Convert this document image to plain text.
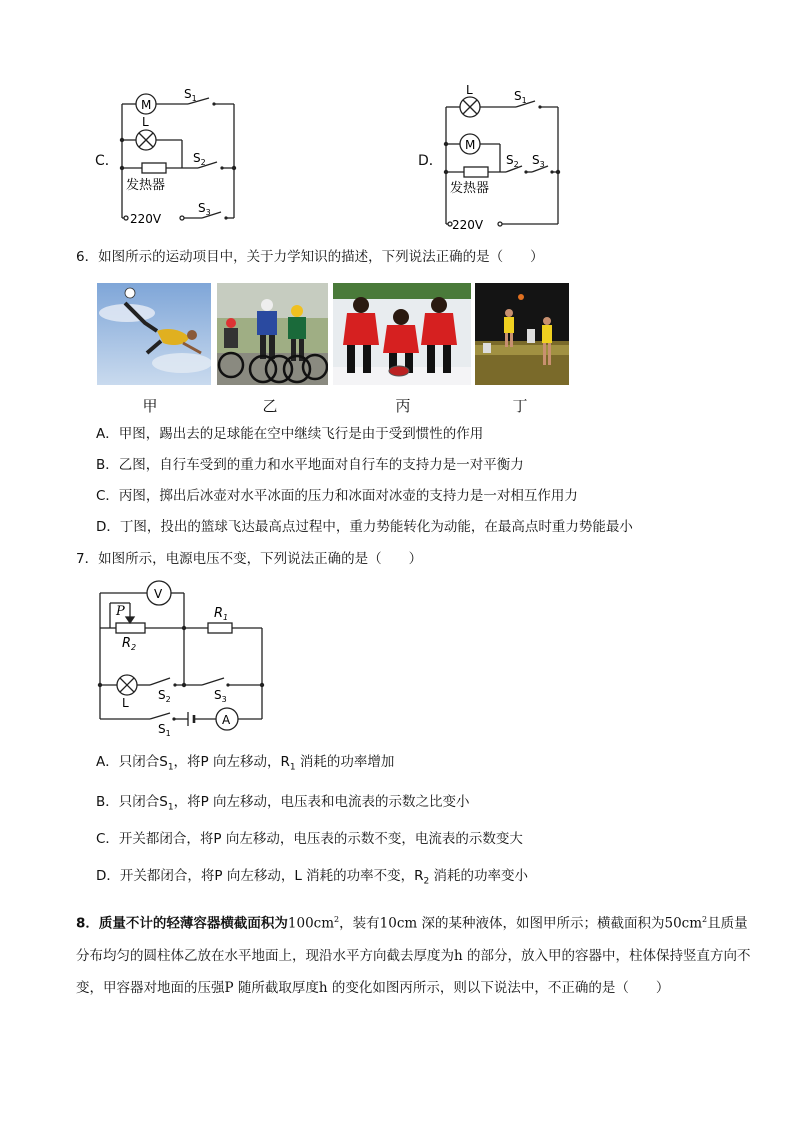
C．
M
L
$S_1$
$S_2$
$S_3$
发热器
220V
D．
L
M
$S_1$
$S_2$ $S_3$
发热器
220V
6．如图所示的运动项目中，关于力学知识的描述，下列说法正确的是（　　）
甲	乙	丙	丁
A．甲图，踢出去的足球能在空中继续飞行是由于受到惯性的作用
B．乙图，自行车受到的重力和水平地面对自行车的支持力是一对平衡力
C．丙图，掷出后冰壶对水平冰面的压力和冰面对冰壶的支持力是一对相互作用力
D．丁图，投出的篮球飞达最高点过程中，重力势能转化为动能，在最高点时重力势能最小
7．如图所示，电源电压不变，下列说法正确的是（　　）
V
A
P
$R_2$
$R_1$
L
$S_2$	$S_3$
$S_1$
A．只闭合$S_1$，将P 向左移动，$R_1$ 消耗的功率增加
B．只闭合$S_1$，将P 向左移动，电压表和电流表的示数之比变小
C．开关都闭合，将P 向左移动，电压表的示数不变，电流表的示数变大
D．开关都闭合，将P 向左移动，L 消耗的功率不变，$R_2$ 消耗的功率变小
8．质量不计的轻薄容器横截面积为$100cm^2$，装有10cm 深的某种液体，如图甲所示；横截面积为$50cm^2$且质量分布均匀的圆柱体乙放在水平地面上，现沿水平方向截去厚度为h 的部分，放入甲的容器中，柱体保持竖直方向不变，甲容器对地面的压强P 随所截取厚度h 的变化如图丙所示，则以下说法中，不正确的是（　　）
